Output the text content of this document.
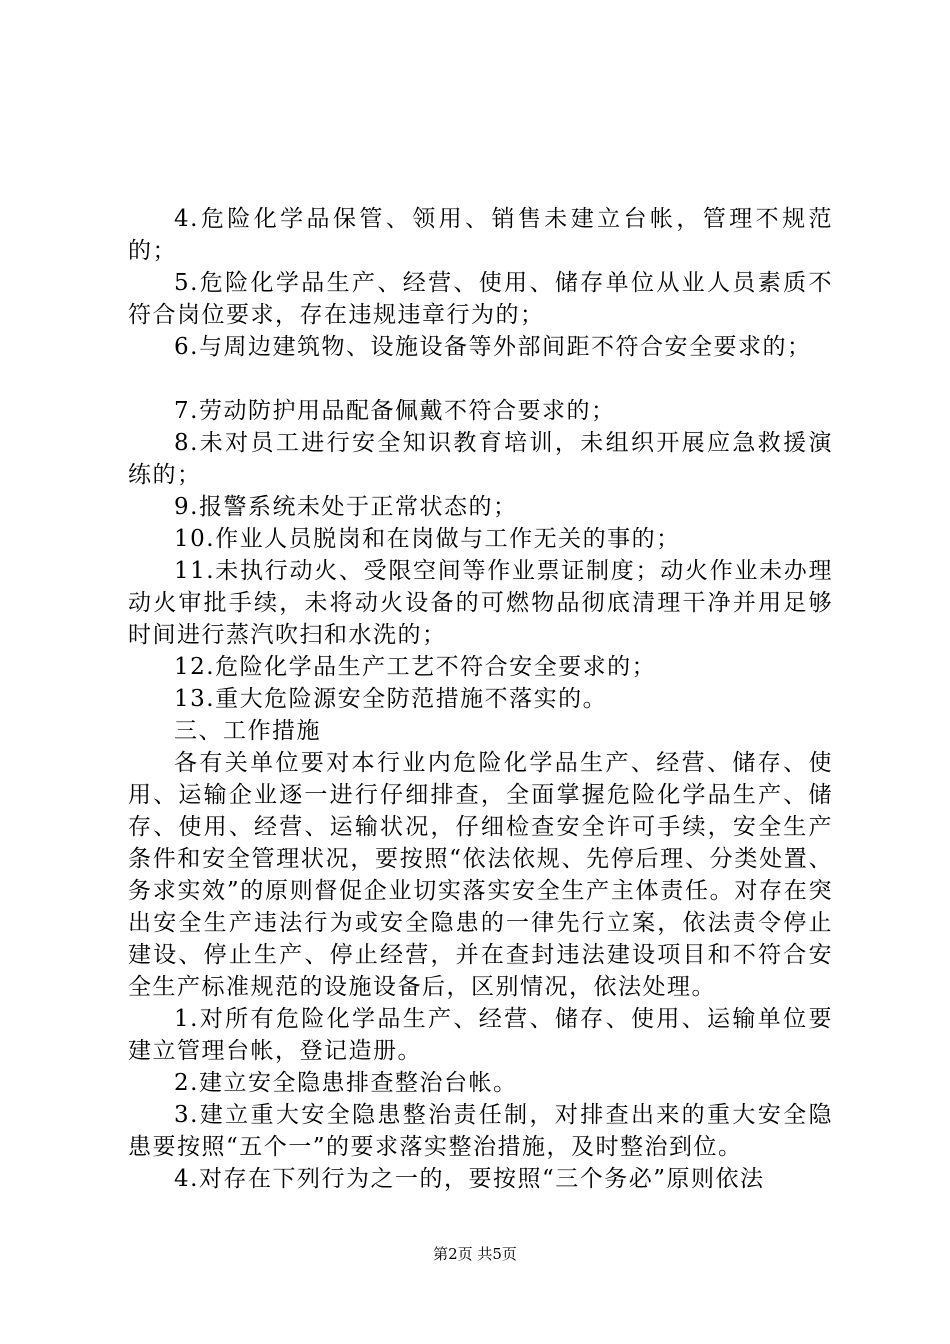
4.危险化学品保管、领用、销售未建立台帐，管理不规范的；

5.危险化学品生产、经营、使用、储存单位从业人员素质不符合岗位要求，存在违规违章行为的；

6.与周边建筑物、设施设备等外部间距不符合安全要求的；

7.劳动防护用品配备佩戴不符合要求的；

8.未对员工进行安全知识教育培训，未组织开展应急救援演练的；

9.报警系统未处于正常状态的；

10.作业人员脱岗和在岗做与工作无关的事的；

11.未执行动火、受限空间等作业票证制度；动火作业未办理动火审批手续，未将动火设备的可燃物品彻底清理干净并用足够时间进行蒸汽吹扫和水洗的；

12.危险化学品生产工艺不符合安全要求的；

13.重大危险源安全防范措施不落实的。

三、工作措施

各有关单位要对本行业内危险化学品生产、经营、储存、使用、运输企业逐一进行仔细排查，全面掌握危险化学品生产、储存、使用、经营、运输状况，仔细检查安全许可手续，安全生产条件和安全管理状况，要按照“依法依规、先停后理、分类处置、务求实效”的原则督促企业切实落实安全生产主体责任。对存在突出安全生产违法行为或安全隐患的一律先行立案，依法责令停止建设、停止生产、停止经营，并在查封违法建设项目和不符合安全生产标准规范的设施设备后，区别情况，依法处理。

1.对所有危险化学品生产、经营、储存、使用、运输单位要建立管理台帐，登记造册。

2.建立安全隐患排查整治台帐。

3.建立重大安全隐患整治责任制，对排查出来的重大安全隐患要按照“五个一”的要求落实整治措施，及时整治到位。

4.对存在下列行为之一的，要按照“三个务必”原则依法

第2页 共5页
